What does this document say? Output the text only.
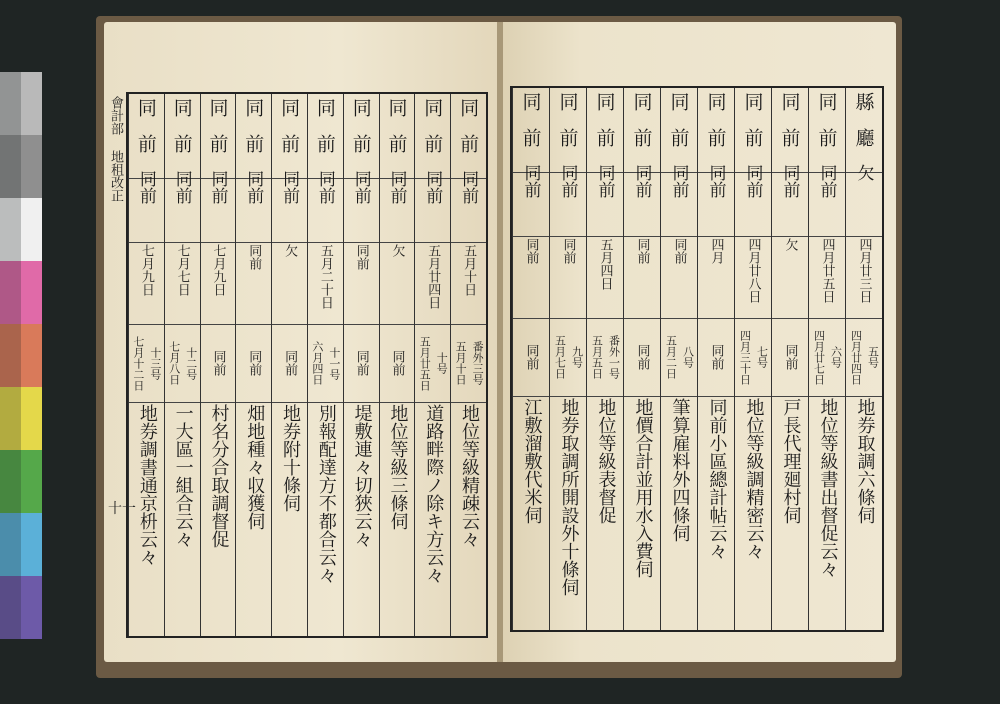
會計部 地租改正
十一
同
前
同前
五月十日
番外三号
五月十日
地位等級精疎云々
同
前
同前
五月廿四日
十号
五月廿五日
道路畔際ノ除キ方云々
同
前
同前
欠
同前
地位等級三條伺
同
前
同前
同前
同前
堤敷連々切狹云々
同
前
同前
五月二十日
十一号
六月四日
別報配達方不都合云々
同
前
同前
欠
同前
地券附十條伺
同
前
同前
同前
同前
畑地種々収獲伺
同
前
同前
七月九日
同前
村名分合取調督促
同
前
同前
七月七日
十二号
七月八日
一大區一組合云々
同
前
同前
七月九日
十三号
七月十二日
地券調書通京枡云々
縣
廳
欠
四月廿三日
五号
四月廿四日
地券取調六條伺
同
前
同前
四月廿五日
六号
四月廿七日
地位等級書出督促云々
同
前
同前
欠
同前
戸長代理廻村伺
同
前
同前
四月廿八日
七号
四月三十日
地位等級調精密云々
同
前
同前
四月
同前
同前小區總計帖云々
同
前
同前
同前
八号
五月二日
筆算雇料外四條伺
同
前
同前
同前
同前
地價合計並用水入費伺
同
前
同前
五月四日
番外一号
五月五日
地位等級表督促
同
前
同前
同前
九号
五月七日
地券取調所開設外十條伺
同
前
同前
同前
同前
江敷溜敷代米伺
